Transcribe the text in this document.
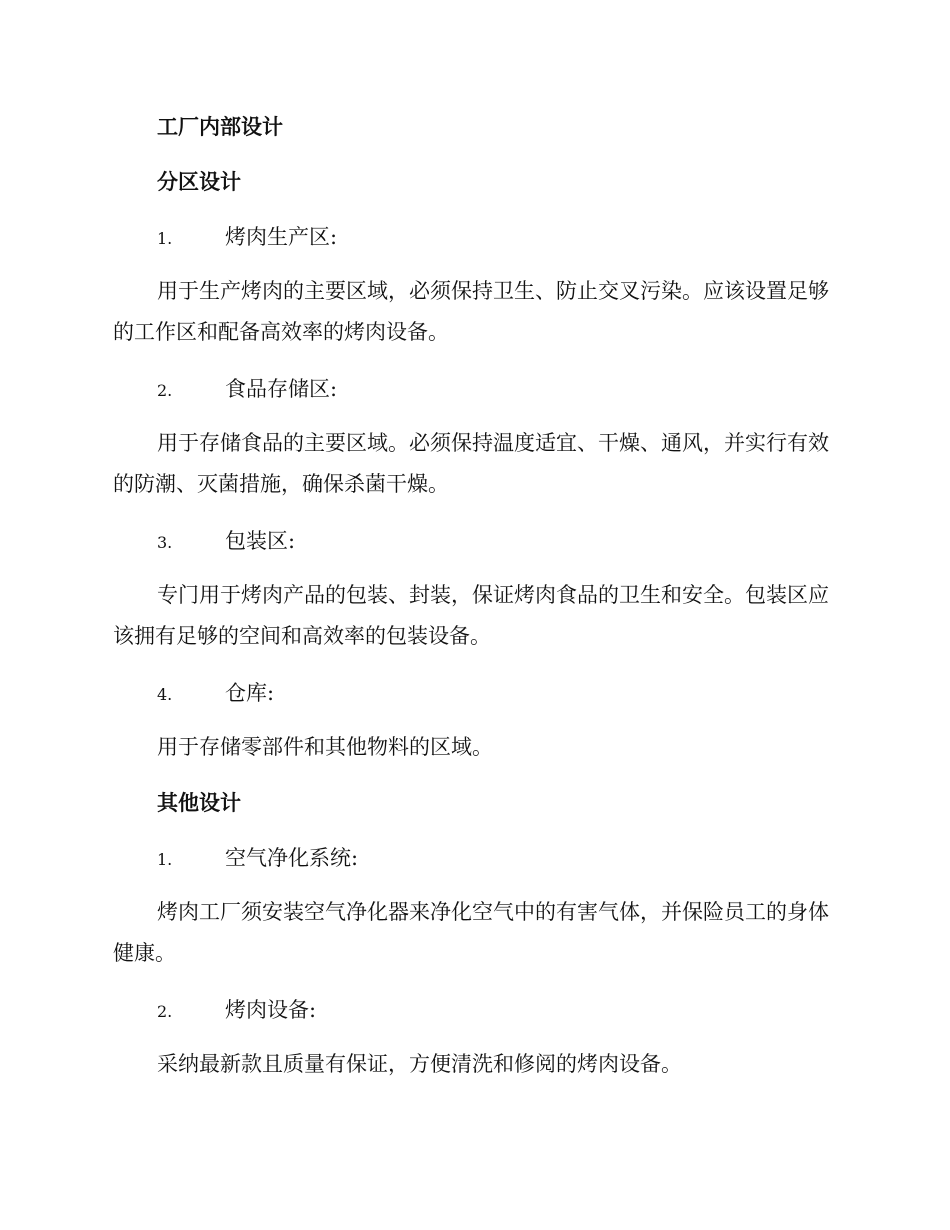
工厂内部设计
分区设计
1.	烤肉生产区:

用于生产烤肉的主要区域，必须保持卫生、防止交叉污染。应该设置足够的工作区和配备高效率的烤肉设备。

2.	食品存储区:

用于存储食品的主要区域。必须保持温度适宜、干燥、通风，并实行有效的防潮、灭菌措施，确保杀菌干燥。

3.	包装区:

专门用于烤肉产品的包装、封装，保证烤肉食品的卫生和安全。包装区应该拥有足够的空间和高效率的包装设备。

4.	仓库:

用于存储零部件和其他物料的区域。

其他设计
1.	空气净化系统:

烤肉工厂须安装空气净化器来净化空气中的有害气体，并保险员工的身体健康。

2.	烤肉设备:

采纳最新款且质量有保证，方便清洗和修阅的烤肉设备。
